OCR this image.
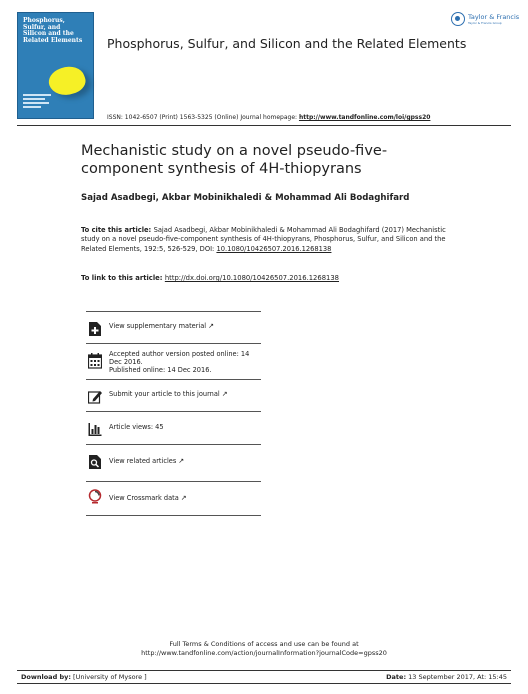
Phosphorus, Sulfur, and Silicon and the Related Elements Phosphorus, Sulfur, and Silicon and the Related Elements
Taylor & Francis
Taylor & Francis Group
ISSN: 1042-6507 (Print) 1563-5325 (Online) Journal homepage: http://www.tandfonline.com/loi/gpss20
Mechanistic study on a novel pseudo-five-component synthesis of 4H-thiopyrans
Sajad Asadbegi, Akbar Mobinikhaledi & Mohammad Ali Bodaghifard
To cite this article: Sajad Asadbegi, Akbar Mobinikhaledi & Mohammad Ali Bodaghifard (2017) Mechanistic study on a novel pseudo-five-component synthesis of 4H-thiopyrans, Phosphorus, Sulfur, and Silicon and the Related Elements, 192:5, 526-529, DOI: 10.1080/10426507.2016.1268138
To link to this article: http://dx.doi.org/10.1080/10426507.2016.1268138
View supplementary material ↗
Accepted author version posted online: 14 Dec 2016.
Published online: 14 Dec 2016.
Submit your article to this journal ↗
Article views: 45
View related articles ↗
View Crossmark data ↗
Full Terms & Conditions of access and use can be found at
http://www.tandfonline.com/action/journalInformation?journalCode=gpss20
Download by: [University of Mysore ]	Date: 13 September 2017, At: 15:45
